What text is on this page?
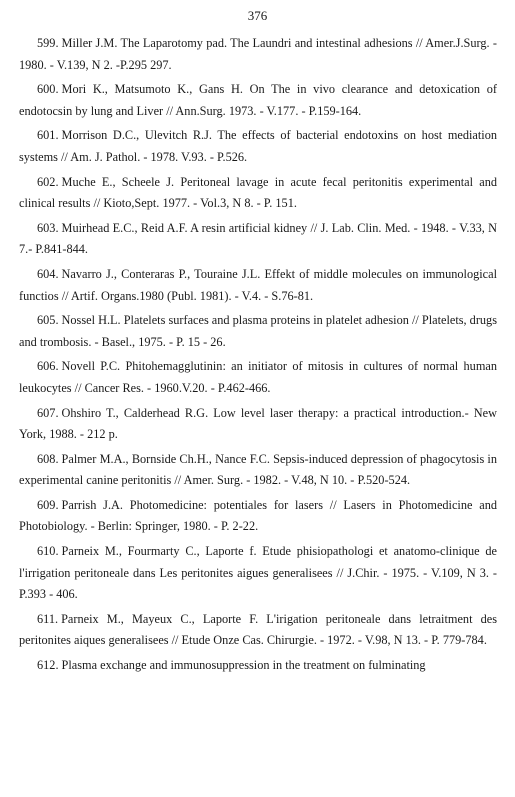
376

599. Miller J.M. The Laparotomy pad. The Laundri and intestinal adhesions // Amer.J.Surg. - 1980. - V.139, N 2. -P.295 297.

600. Mori K., Matsumoto K., Gans H. On The in vivo clearance and detoxication of endotocsin by lung and Liver // Ann.Surg. 1973. - V.177. - P.159-164.

601. Morrison D.C., Ulevitch R.J. The effects of bacterial endotoxins on host mediation systems // Am. J. Pathol. - 1978. V.93. - P.526.

602. Muche E., Scheele J. Peritoneal lavage in acute fecal peritonitis experimental and clinical results // Kioto,Sept. 1977. - Vol.3, N 8. - P. 151.

603. Muirhead E.C., Reid A.F. A resin artificial kidney // J. Lab. Clin. Med. - 1948. - V.33, N 7.- P.841-844.

604. Navarro J., Conteraras P., Touraine J.L. Effekt of middle molecules on immunological functios // Artif. Organs.1980 (Publ. 1981). - V.4. - S.76-81.

605. Nossel H.L. Platelets surfaces and plasma proteins in platelet adhesion // Platelets, drugs and trombosis. - Basel., 1975. - P. 15 - 26.

606. Novell P.C. Phitohemagglutinin: an initiator of mitosis in cultures of normal human leukocytes // Cancer Res. - 1960.V.20. - P.462-466.

607. Ohshiro T., Calderhead R.G. Low level laser therapy: a practical introduction.- New York, 1988. - 212 p.

608. Palmer M.A., Bornside Ch.H., Nance F.C. Sepsis-induced depression of phagocytosis in experimental canine peritonitis // Amer. Surg. - 1982. - V.48, N 10. - P.520-524.

609. Parrish J.A. Photomedicine: potentiales for lasers // Lasers in Photomedicine and Photobiology. - Berlin: Springer, 1980. - P. 2-22.

610. Parneix M., Fourmarty C., Laporte f. Etude phisiopathologi et anatomo-clinique de l'irrigation peritoneale dans Les peritonites aigues generalisees // J.Chir. - 1975. - V.109, N 3. - P.393 - 406.

611. Parneix M., Mayeux C., Laporte F. L'irigation peritoneale dans letraitment des peritonites aiques generalisees // Etude Onze Cas. Chirurgie. - 1972. - V.98, N 13. - P. 779-784.

612. Plasma exchange and immunosuppression in the treatment on fulminating
